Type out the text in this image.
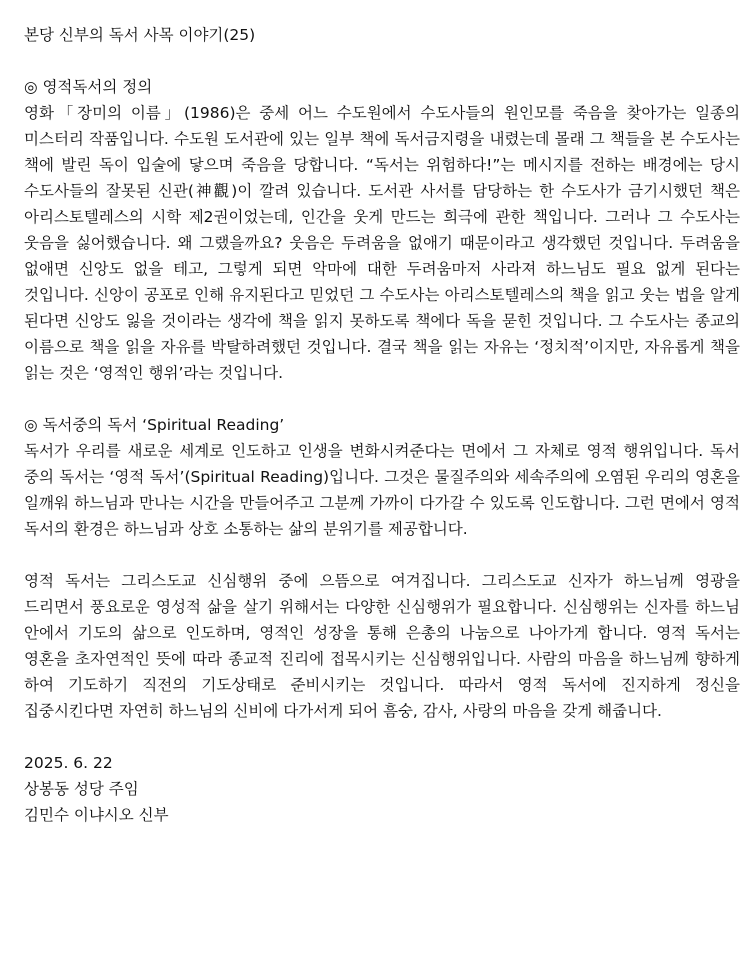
본당 신부의 독서 사목 이야기(25)

◎ 영적독서의 정의

영화「장미의 이름」(1986)은 중세 어느 수도원에서 수도사들의 원인모를 죽음을 찾아가는 일종의 미스터리 작품입니다. 수도원 도서관에 있는 일부 책에 독서금지령을 내렸는데 몰래 그 책들을 본 수도사는 책에 발린 독이 입술에 닿으며 죽음을 당합니다. “독서는 위험하다!”는 메시지를 전하는 배경에는 당시 수도사들의 잘못된 신관(神觀)이 깔려 있습니다. 도서관 사서를 담당하는 한 수도사가 금기시했던 책은 아리스토텔레스의 시학 제2권이었는데, 인간을 웃게 만드는 희극에 관한 책입니다. 그러나 그 수도사는 웃음을 싫어했습니다. 왜 그랬을까요? 웃음은 두려움을 없애기 때문이라고 생각했던 것입니다. 두려움을 없애면 신앙도 없을 테고, 그렇게 되면 악마에 대한 두려움마저 사라져 하느님도 필요 없게 된다는 것입니다. 신앙이 공포로 인해 유지된다고 믿었던 그 수도사는 아리스토텔레스의 책을 읽고 웃는 법을 알게 된다면 신앙도 잃을 것이라는 생각에 책을 읽지 못하도록 책에다 독을 묻힌 것입니다. 그 수도사는 종교의 이름으로 책을 읽을 자유를 박탈하려했던 것입니다. 결국 책을 읽는 자유는 ‘정치적’이지만, 자유롭게 책을 읽는 것은 ‘영적인 행위’라는 것입니다.

◎ 독서중의 독서 ‘Spiritual Reading’

독서가 우리를 새로운 세계로 인도하고 인생을 변화시켜준다는 면에서 그 자체로 영적 행위입니다. 독서 중의 독서는 ‘영적 독서’(Spiritual Reading)입니다. 그것은 물질주의와 세속주의에 오염된 우리의 영혼을 일깨워 하느님과 만나는 시간을 만들어주고 그분께 가까이 다가갈 수 있도록 인도합니다. 그런 면에서 영적 독서의 환경은 하느님과 상호 소통하는 삶의 분위기를 제공합니다.

영적 독서는 그리스도교 신심행위 중에 으뜸으로 여겨집니다. 그리스도교 신자가 하느님께 영광을 드리면서 풍요로운 영성적 삶을 살기 위해서는 다양한 신심행위가 필요합니다. 신심행위는 신자를 하느님 안에서 기도의 삶으로 인도하며, 영적인 성장을 통해 은총의 나눔으로 나아가게 합니다. 영적 독서는 영혼을 초자연적인 뜻에 따라 종교적 진리에 접목시키는 신심행위입니다. 사람의 마음을 하느님께 향하게 하여 기도하기 직전의 기도상태로 준비시키는 것입니다. 따라서 영적 독서에 진지하게 정신을 집중시킨다면 자연히 하느님의 신비에 다가서게 되어 흠숭, 감사, 사랑의 마음을 갖게 해줍니다.

2025. 6. 22

상봉동 성당 주임

김민수 이냐시오 신부
